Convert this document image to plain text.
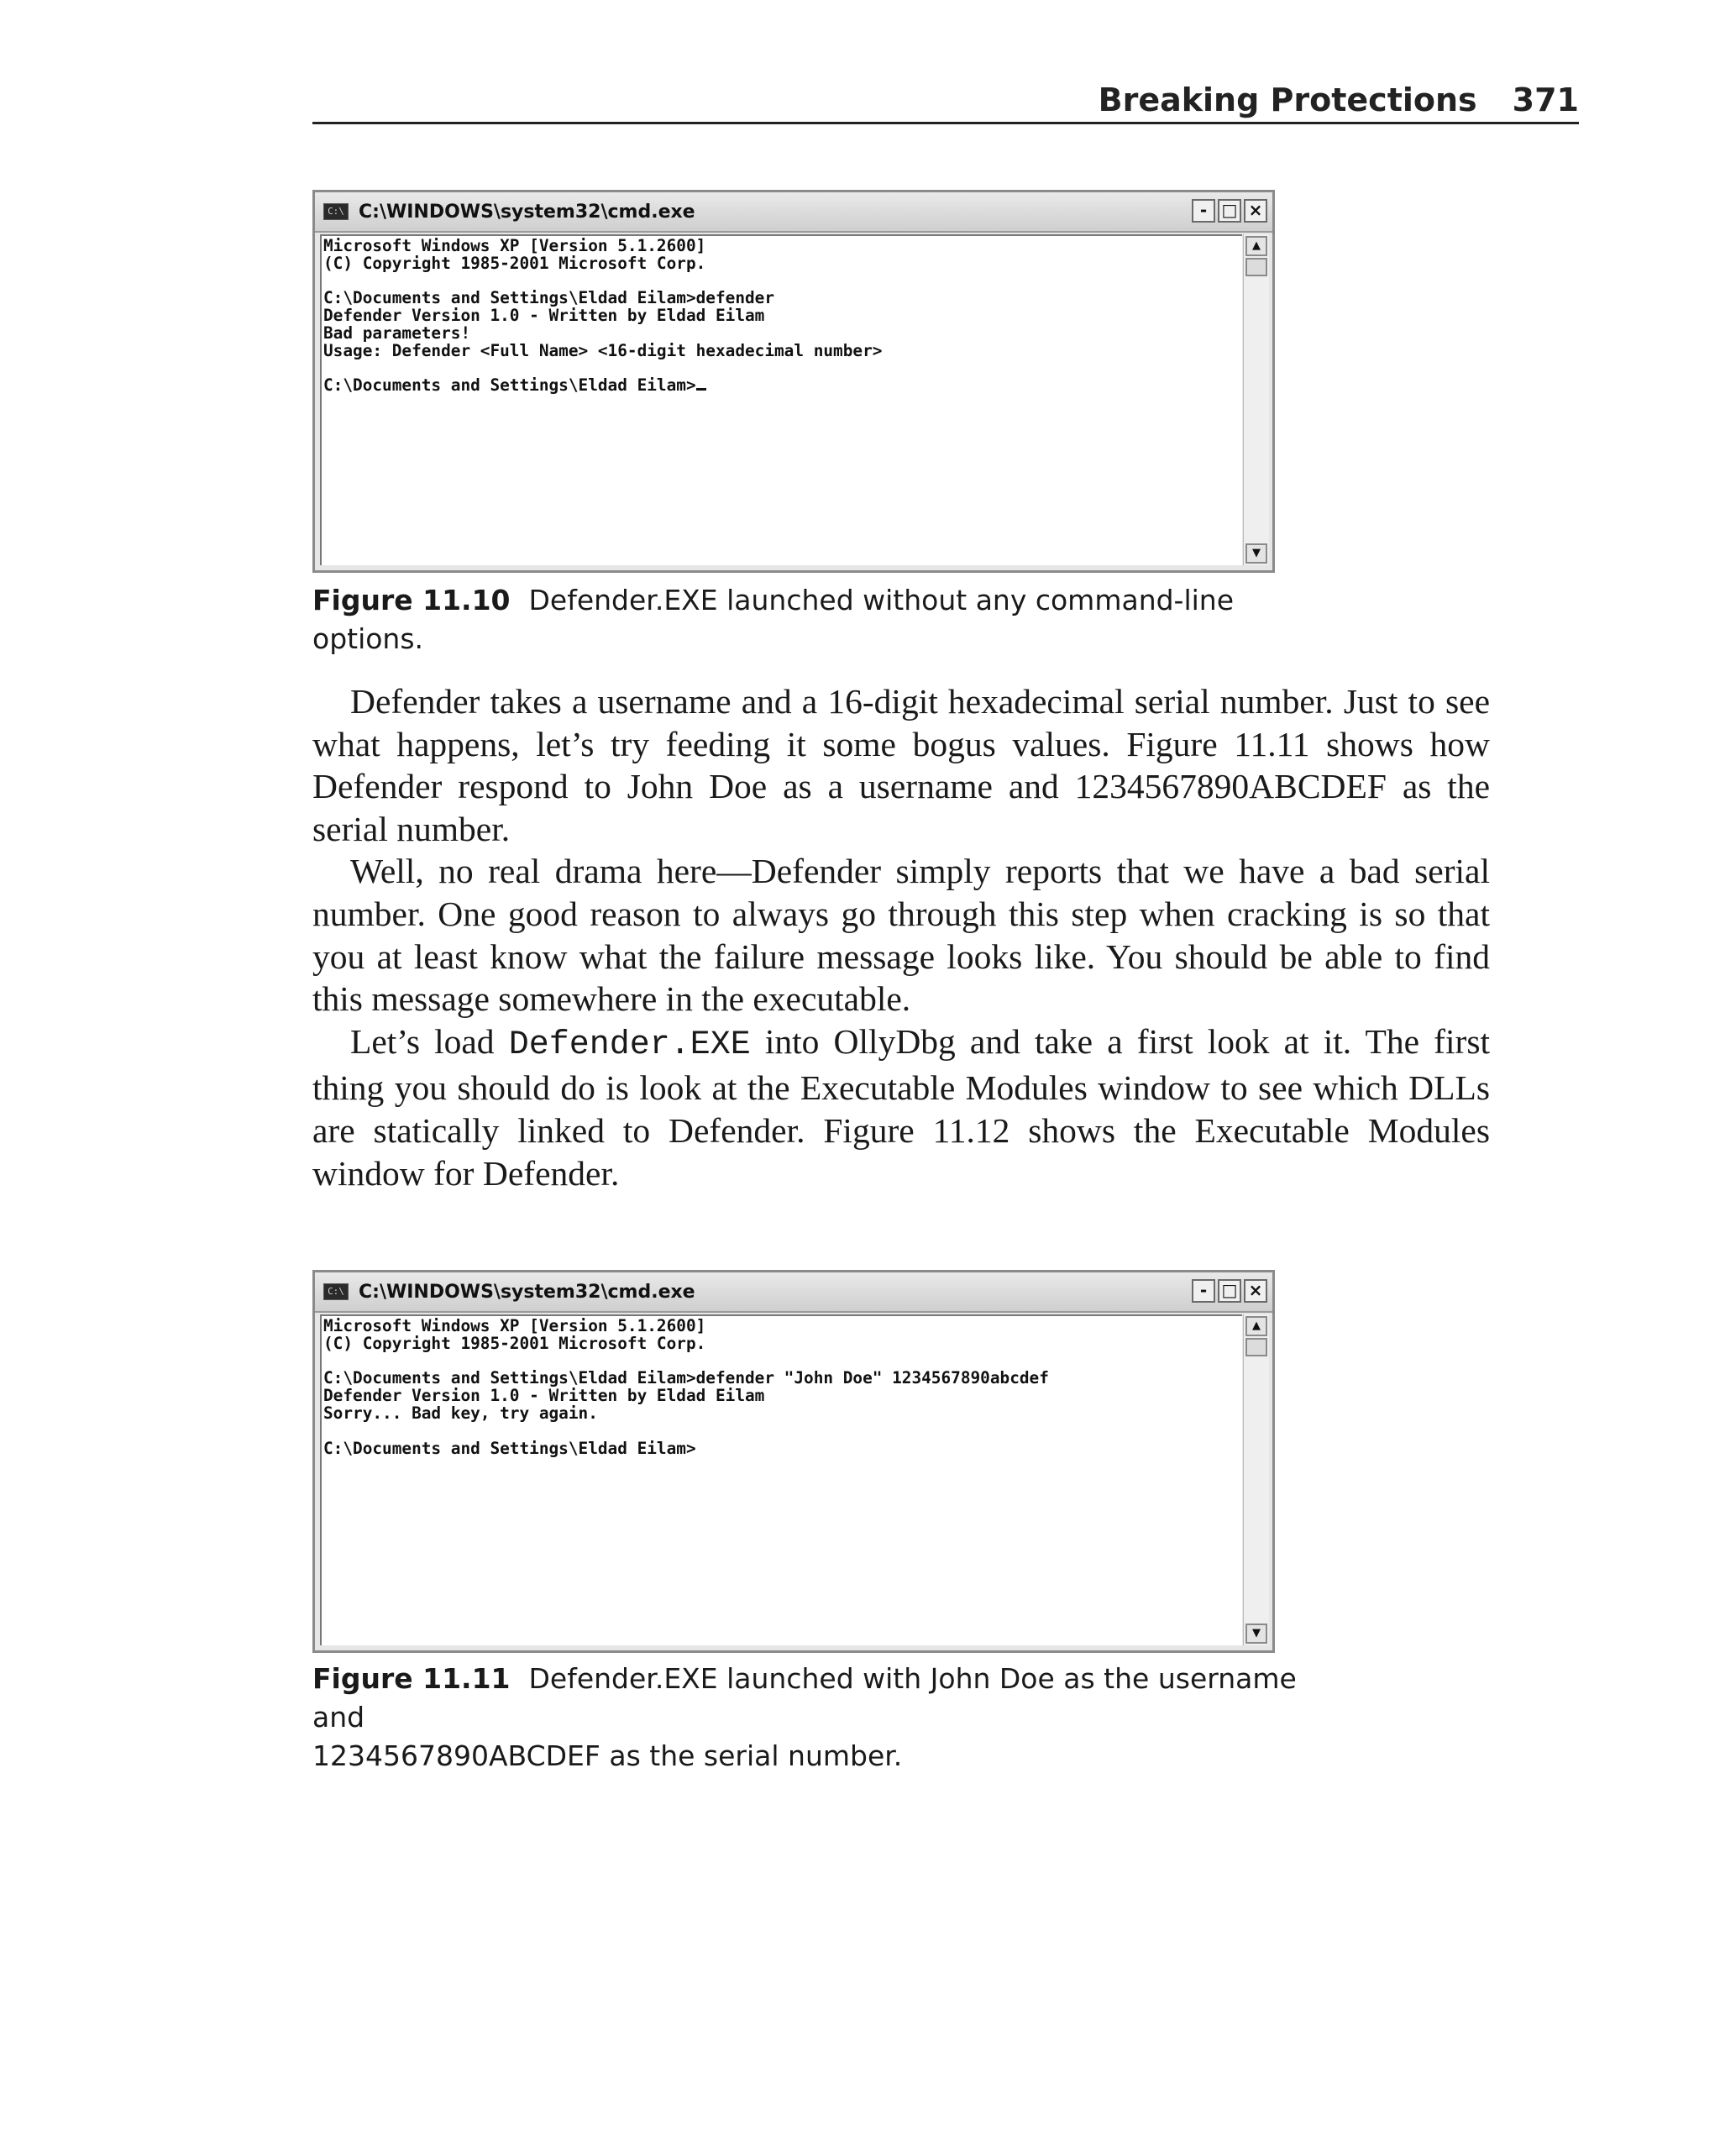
Breaking Protections 371
C:\ C:\WINDOWS\system32\cmd.exe	- □ ×
Microsoft Windows XP [Version 5.1.2600]
(C) Copyright 1985-2001 Microsoft Corp.
C:\Documents and Settings\Eldad Eilam>defender
Defender Version 1.0 - Written by Eldad Eilam
Bad parameters!
Usage: Defender <Full Name> <16-digit hexadecimal number>
C:\Documents and Settings\Eldad Eilam>
▲
▼
Figure 11.10 Defender.EXE launched without any command-line options.

Defender takes a username and a 16-digit hexadecimal serial number. Just to see what happens, let’s try feeding it some bogus values. Figure 11.11 shows how Defender respond to John Doe as a username and 1234567890ABCDEF as the serial number.

Well, no real drama here—Defender simply reports that we have a bad serial number. One good reason to always go through this step when cracking is so that you at least know what the failure message looks like. You should be able to find this message somewhere in the executable.

Let’s load Defender.EXE into OllyDbg and take a first look at it. The first thing you should do is look at the Executable Modules window to see which DLLs are statically linked to Defender. Figure 11.12 shows the Executable Modules window for Defender.

C:\ C:\WINDOWS\system32\cmd.exe	- □ ×
Microsoft Windows XP [Version 5.1.2600]
(C) Copyright 1985-2001 Microsoft Corp.
C:\Documents and Settings\Eldad Eilam>defender "John Doe" 1234567890abcdef
Defender Version 1.0 - Written by Eldad Eilam
Sorry... Bad key, try again.
C:\Documents and Settings\Eldad Eilam>
▲
▼
Figure 11.11 Defender.EXE launched with John Doe as the username and
1234567890ABCDEF as the serial number.
